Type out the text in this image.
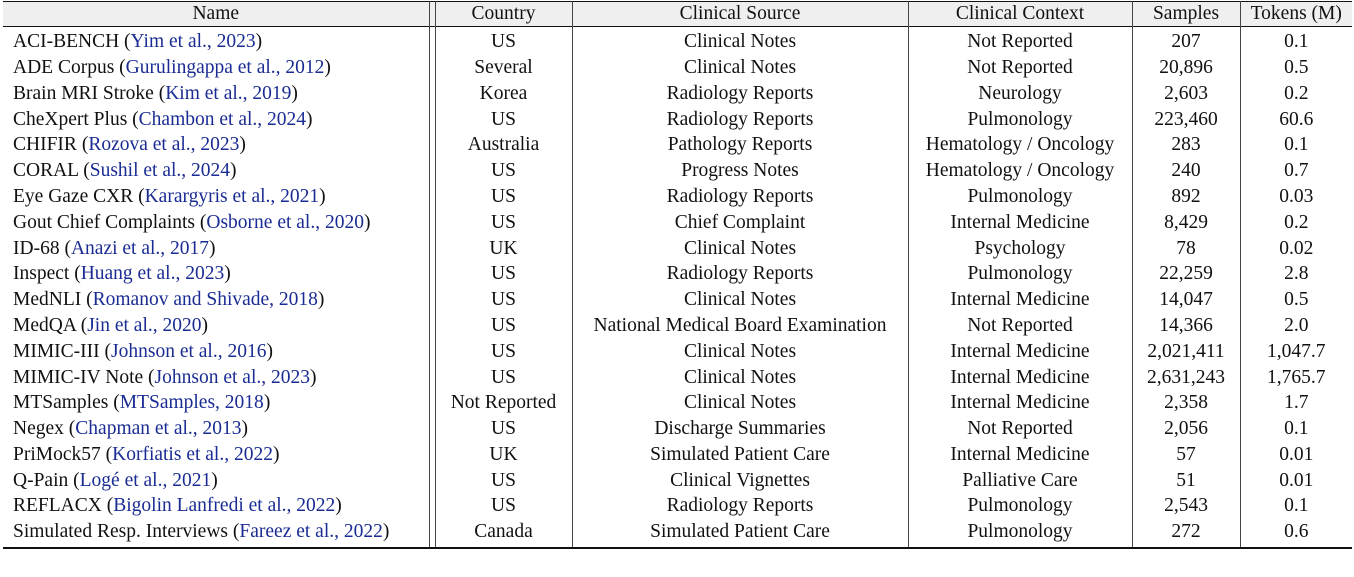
Name		Country	Clinical Source	Clinical Context	Samples	Tokens (M)
ACI-BENCH (Yim et al., 2023)		US	Clinical Notes	Not Reported	207	0.1
ADE Corpus (Gurulingappa et al., 2012)		Several	Clinical Notes	Not Reported	20,896	0.5
Brain MRI Stroke (Kim et al., 2019)		Korea	Radiology Reports	Neurology	2,603	0.2
CheXpert Plus (Chambon et al., 2024)		US	Radiology Reports	Pulmonology	223,460	60.6
CHIFIR (Rozova et al., 2023)		Australia	Pathology Reports	Hematology / Oncology	283	0.1
CORAL (Sushil et al., 2024)		US	Progress Notes	Hematology / Oncology	240	0.7
Eye Gaze CXR (Karargyris et al., 2021)		US	Radiology Reports	Pulmonology	892	0.03
Gout Chief Complaints (Osborne et al., 2020)		US	Chief Complaint	Internal Medicine	8,429	0.2
ID-68 (Anazi et al., 2017)		UK	Clinical Notes	Psychology	78	0.02
Inspect (Huang et al., 2023)		US	Radiology Reports	Pulmonology	22,259	2.8
MedNLI (Romanov and Shivade, 2018)		US	Clinical Notes	Internal Medicine	14,047	0.5
MedQA (Jin et al., 2020)		US	National Medical Board Examination	Not Reported	14,366	2.0
MIMIC-III (Johnson et al., 2016)		US	Clinical Notes	Internal Medicine	2,021,411	1,047.7
MIMIC-IV Note (Johnson et al., 2023)		US	Clinical Notes	Internal Medicine	2,631,243	1,765.7
MTSamples (MTSamples, 2018)		Not Reported	Clinical Notes	Internal Medicine	2,358	1.7
Negex (Chapman et al., 2013)		US	Discharge Summaries	Not Reported	2,056	0.1
PriMock57 (Korfiatis et al., 2022)		UK	Simulated Patient Care	Internal Medicine	57	0.01
Q-Pain (Logé et al., 2021)		US	Clinical Vignettes	Palliative Care	51	0.01
REFLACX (Bigolin Lanfredi et al., 2022)		US	Radiology Reports	Pulmonology	2,543	0.1
Simulated Resp. Interviews (Fareez et al., 2022)		Canada	Simulated Patient Care	Pulmonology	272	0.6
